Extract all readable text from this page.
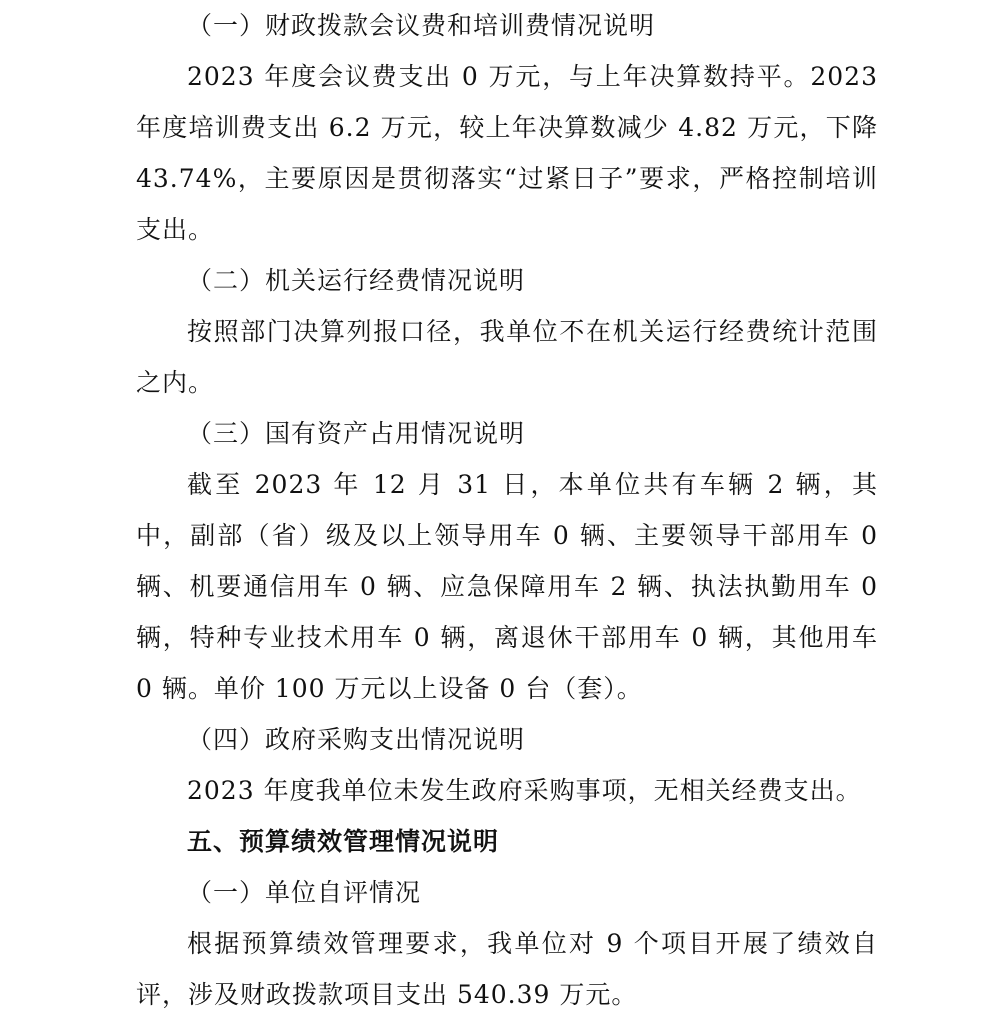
（一）财政拨款会议费和培训费情况说明
2023 年度会议费支出 0 万元，与上年决算数持平。2023 年度培训费支出 6.2 万元，较上年决算数减少 4.82 万元，下降 43.74%，主要原因是贯彻落实“过紧日子”要求，严格控制培训支出。
（二）机关运行经费情况说明
按照部门决算列报口径，我单位不在机关运行经费统计范围之内。
（三）国有资产占用情况说明
截至 2023 年 12 月 31 日，本单位共有车辆 2 辆，其中，副部（省）级及以上领导用车 0 辆、主要领导干部用车 0 辆、机要通信用车 0 辆、应急保障用车 2 辆、执法执勤用车 0 辆，特种专业技术用车 0 辆，离退休干部用车 0 辆，其他用车 0 辆。单价 100 万元以上设备 0 台（套）。
（四）政府采购支出情况说明
2023 年度我单位未发生政府采购事项，无相关经费支出。
五、预算绩效管理情况说明
（一）单位自评情况
根据预算绩效管理要求，我单位对 9 个项目开展了绩效自评，涉及财政拨款项目支出 540.39 万元。
